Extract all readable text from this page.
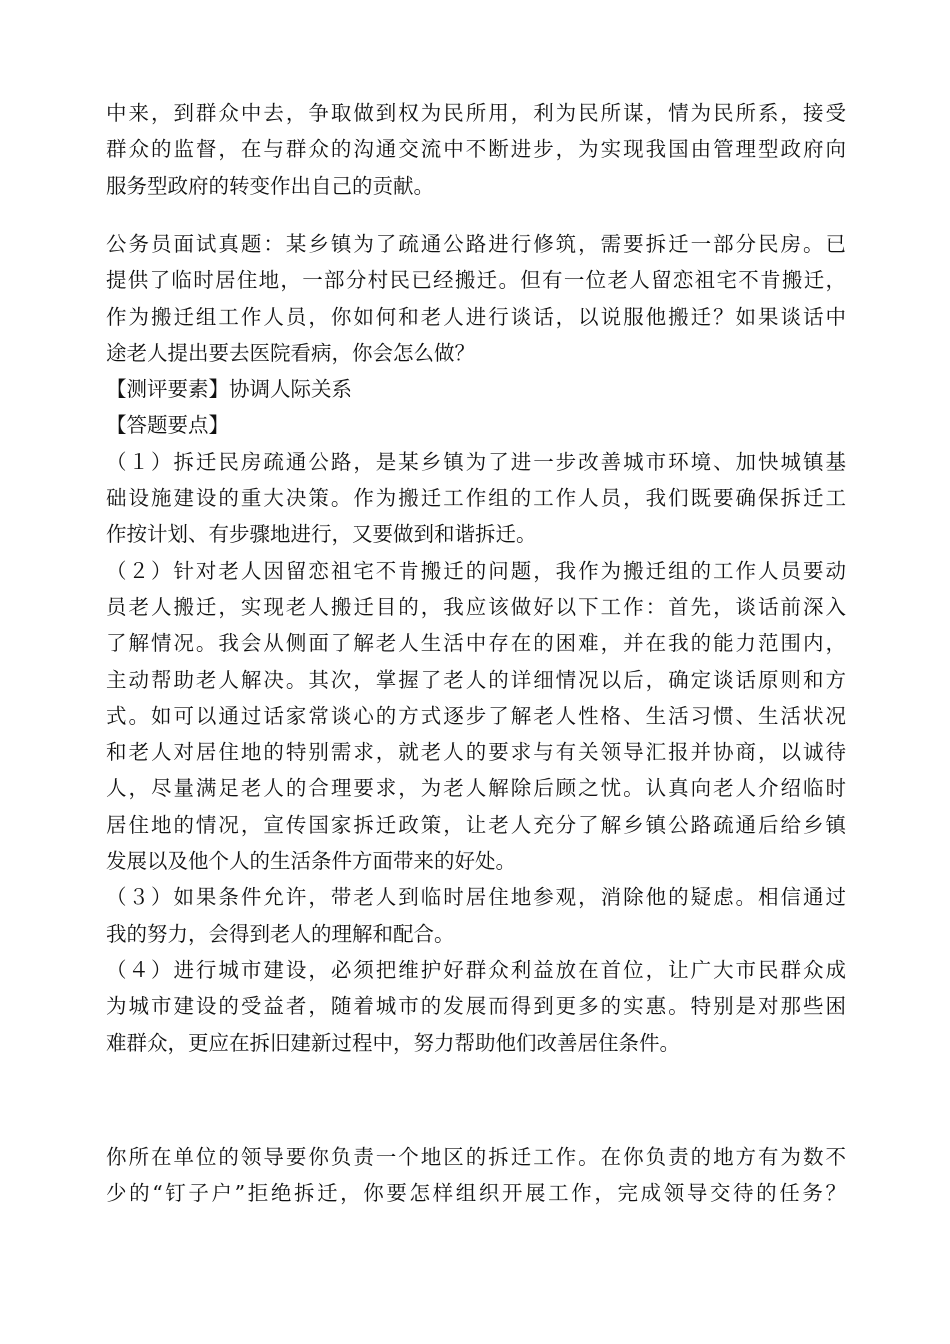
中来，到群众中去，争取做到权为民所用，利为民所谋，情为民所系，接受
群众的监督，在与群众的沟通交流中不断进步，为实现我国由管理型政府向
服务型政府的转变作出自己的贡献。
公务员面试真题：某乡镇为了疏通公路进行修筑，需要拆迁一部分民房。已
提供了临时居住地，一部分村民已经搬迁。但有一位老人留恋祖宅不肯搬迁，
作为搬迁组工作人员，你如何和老人进行谈话，以说服他搬迁？如果谈话中
途老人提出要去医院看病，你会怎么做？
【测评要素】协调人际关系
【答题要点】
（１）拆迁民房疏通公路，是某乡镇为了进一步改善城市环境、加快城镇基
础设施建设的重大决策。作为搬迁工作组的工作人员，我们既要确保拆迁工
作按计划、有步骤地进行，又要做到和谐拆迁。
（２）针对老人因留恋祖宅不肯搬迁的问题，我作为搬迁组的工作人员要动
员老人搬迁，实现老人搬迁目的，我应该做好以下工作：首先，谈话前深入
了解情况。我会从侧面了解老人生活中存在的困难，并在我的能力范围内，
主动帮助老人解决。其次，掌握了老人的详细情况以后，确定谈话原则和方
式。如可以通过话家常谈心的方式逐步了解老人性格、生活习惯、生活状况
和老人对居住地的特别需求，就老人的要求与有关领导汇报并协商，以诚待
人，尽量满足老人的合理要求，为老人解除后顾之忧。认真向老人介绍临时
居住地的情况，宣传国家拆迁政策，让老人充分了解乡镇公路疏通后给乡镇
发展以及他个人的生活条件方面带来的好处。
（３）如果条件允许，带老人到临时居住地参观，消除他的疑虑。相信通过
我的努力，会得到老人的理解和配合。
（４）进行城市建设，必须把维护好群众利益放在首位，让广大市民群众成
为城市建设的受益者，随着城市的发展而得到更多的实惠。特别是对那些困
难群众，更应在拆旧建新过程中，努力帮助他们改善居住条件。
你所在单位的领导要你负责一个地区的拆迁工作。在你负责的地方有为数不
少的“钉子户”拒绝拆迁，你要怎样组织开展工作，完成领导交待的任务？
